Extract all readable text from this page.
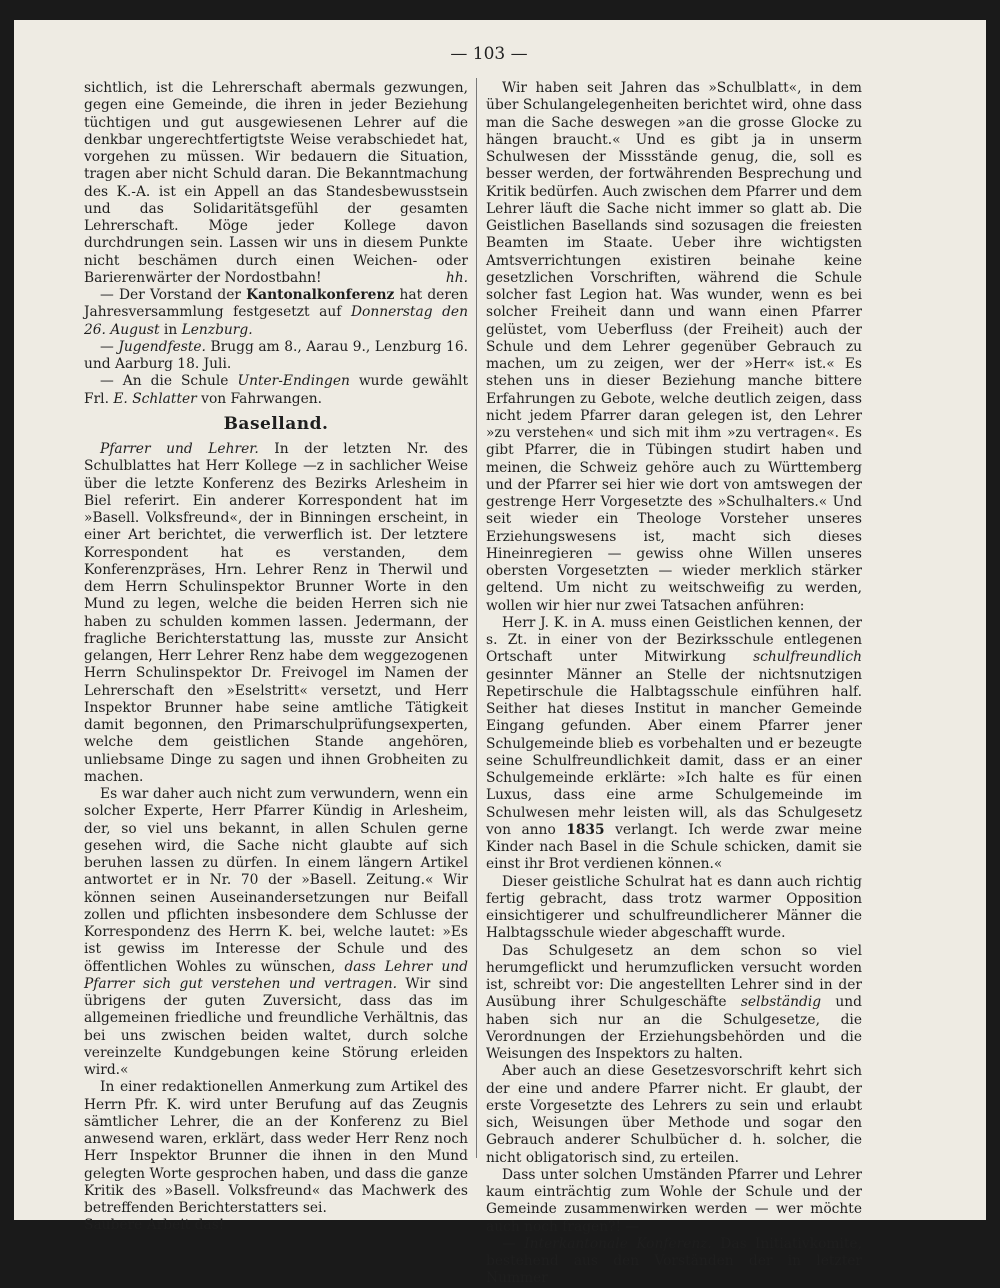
— 103 —

sichtlich, ist die Lehrerschaft abermals gezwungen, gegen eine Gemeinde, die ihren in jeder Beziehung tüchtigen und gut ausgewiesenen Lehrer auf die denkbar ungerechtfertigtste Weise verabschiedet hat, vorgehen zu müssen. Wir bedauern die Situation, tragen aber nicht Schuld daran. Die Bekanntmachung des K.-A. ist ein Appell an das Standesbewusstsein und das Solidaritätsgefühl der gesamten Lehrerschaft. Möge jeder Kollege davon durchdrungen sein. Lassen wir uns in diesem Punkte nicht beschämen durch einen Weichen- oder Barierenwärter der Nordostbahn!	hh.

— Der Vorstand der Kantonalkonferenz hat deren Jahresversammlung festgesetzt auf Donnerstag den 26. August in Lenzburg.

— Jugendfeste. Brugg am 8., Aarau 9., Lenzburg 16. und Aarburg 18. Juli.

— An die Schule Unter-Endingen wurde gewählt Frl. E. Schlatter von Fahrwangen.

Baselland.

Pfarrer und Lehrer. In der letzten Nr. des Schulblattes hat Herr Kollege —z in sachlicher Weise über die letzte Konferenz des Bezirks Arlesheim in Biel referirt. Ein anderer Korrespondent hat im »Basell. Volksfreund«, der in Binningen erscheint, in einer Art berichtet, die verwerflich ist. Der letztere Korrespondent hat es verstanden, dem Konferenzpräses, Hrn. Lehrer Renz in Therwil und dem Herrn Schulinspektor Brunner Worte in den Mund zu legen, welche die beiden Herren sich nie haben zu schulden kommen lassen. Jedermann, der fragliche Berichterstattung las, musste zur Ansicht gelangen, Herr Lehrer Renz habe dem weggezogenen Herrn Schulinspektor Dr. Freivogel im Namen der Lehrerschaft den »Eselstritt« versetzt, und Herr Inspektor Brunner habe seine amtliche Tätigkeit damit begonnen, den Primarschulprüfungsexperten, welche dem geistlichen Stande angehören, unliebsame Dinge zu sagen und ihnen Grobheiten zu machen.

Es war daher auch nicht zum verwundern, wenn ein solcher Experte, Herr Pfarrer Kündig in Arlesheim, der, so viel uns bekannt, in allen Schulen gerne gesehen wird, die Sache nicht glaubte auf sich beruhen lassen zu dürfen. In einem längern Artikel antwortet er in Nr. 70 der »Basell. Zeitung.« Wir können seinen Auseinandersetzungen nur Beifall zollen und pflichten insbesondere dem Schlusse der Korrespondenz des Herrn K. bei, welche lautet: »Es ist gewiss im Interesse der Schule und des öffentlichen Wohles zu wünschen, dass Lehrer und Pfarrer sich gut verstehen und vertragen. Wir sind übrigens der guten Zuversicht, dass das im allgemeinen friedliche und freundliche Verhältnis, das bei uns zwischen beiden waltet, durch solche vereinzelte Kundgebungen keine Störung erleiden wird.«

In einer redaktionellen Anmerkung zum Artikel des Herrn Pfr. K. wird unter Berufung auf das Zeugnis sämtlicher Lehrer, die an der Konferenz zu Biel anwesend waren, erklärt, dass weder Herr Renz noch Herr Inspektor Brunner die ihnen in den Mund gelegten Worte gesprochen haben, und dass die ganze Kritik des »Basell. Volksfreund« das Machwerk des betreffenden Berichterstatters sei.

Saubere Arbeit das!

Wir haben seit Jahren das »Schulblatt«, in dem über Schulangelegenheiten berichtet wird, ohne dass man die Sache deswegen »an die grosse Glocke zu hängen braucht.« Und es gibt ja in unserm Schulwesen der Missstände genug, die, soll es besser werden, der fortwährenden Besprechung und Kritik bedürfen. Auch zwischen dem Pfarrer und dem Lehrer läuft die Sache nicht immer so glatt ab. Die Geistlichen Basellands sind sozusagen die freiesten Beamten im Staate. Ueber ihre wichtigsten Amtsverrichtungen existiren beinahe keine gesetzlichen Vorschriften, während die Schule solcher fast Legion hat. Was wunder, wenn es bei solcher Freiheit dann und wann einen Pfarrer gelüstet, vom Ueberfluss (der Freiheit) auch der Schule und dem Lehrer gegenüber Gebrauch zu machen, um zu zeigen, wer der »Herr« ist.« Es stehen uns in dieser Beziehung manche bittere Erfahrungen zu Gebote, welche deutlich zeigen, dass nicht jedem Pfarrer daran gelegen ist, den Lehrer »zu verstehen« und sich mit ihm »zu vertragen«. Es gibt Pfarrer, die in Tübingen studirt haben und meinen, die Schweiz gehöre auch zu Württemberg und der Pfarrer sei hier wie dort von amtswegen der gestrenge Herr Vorgesetzte des »Schulhalters.« Und seit wieder ein Theologe Vorsteher unseres Erziehungswesens ist, macht sich dieses Hineinregieren — gewiss ohne Willen unseres obersten Vorgesetzten — wieder merklich stärker geltend. Um nicht zu weitschweifig zu werden, wollen wir hier nur zwei Tatsachen anführen:

Herr J. K. in A. muss einen Geistlichen kennen, der s. Zt. in einer von der Bezirksschule entlegenen Ortschaft unter Mitwirkung schulfreundlich gesinnter Männer an Stelle der nichtsnutzigen Repetirschule die Halbtagsschule einführen half. Seither hat dieses Institut in mancher Gemeinde Eingang gefunden. Aber einem Pfarrer jener Schulgemeinde blieb es vorbehalten und er bezeugte seine Schulfreundlichkeit damit, dass er an einer Schulgemeinde erklärte: »Ich halte es für einen Luxus, dass eine arme Schulgemeinde im Schulwesen mehr leisten will, als das Schulgesetz von anno 1835 verlangt. Ich werde zwar meine Kinder nach Basel in die Schule schicken, damit sie einst ihr Brot verdienen können.«

Dieser geistliche Schulrat hat es dann auch richtig fertig gebracht, dass trotz warmer Opposition einsichtigerer und schulfreundlicherer Männer die Halbtagsschule wieder abgeschafft wurde.

Das Schulgesetz an dem schon so viel herumgeflickt und herumzuflicken versucht worden ist, schreibt vor: Die angestellten Lehrer sind in der Ausübung ihrer Schulgeschäfte selbständig und haben sich nur an die Schulgesetze, die Verordnungen der Erziehungsbehörden und die Weisungen des Inspektors zu halten.

Aber auch an diese Gesetzesvorschrift kehrt sich der eine und andere Pfarrer nicht. Er glaubt, der erste Vorgesetzte des Lehrers zu sein und erlaubt sich, Weisungen über Methode und sogar den Gebrauch anderer Schulbücher d. h. solcher, die nicht obligatorisch sind, zu erteilen.

Dass unter solchen Umständen Pfarrer und Lehrer kaum einträchtig zum Wohle der Schule und der Gemeinde zusammenwirken werden — wer möchte auch noch fragen?! —

— Interkantonale Konferenz. Das Initiativkomite, bestehend aus den Vorständen der in letzter Nummer
